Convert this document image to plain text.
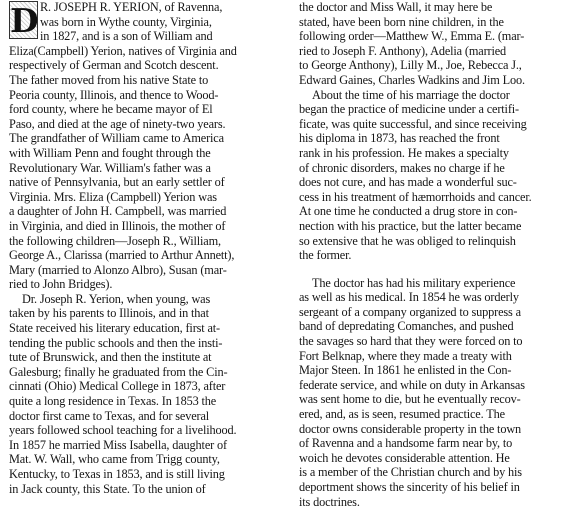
D R. JOSEPH R. YERION, of Ravenna,
was born in Wythe county, Virginia,
in 1827, and is a son of William and
Eliza(Campbell) Yerion, natives of Virginia and
respectively of German and Scotch descent.
The father moved from his native State to
Peoria county, Illinois, and thence to Wood-
ford county, where he became mayor of El
Paso, and died at the age of ninety-two years.
The grandfather of William came to America
with William Penn and fought through the
Revolutionary War. William's father was a
native of Pennsylvania, but an early settler of
Virginia. Mrs. Eliza (Campbell) Yerion was
a daughter of John H. Campbell, was married
in Virginia, and died in Illinois, the mother of
the following children—Joseph R., William,
George A., Clarissa (married to Arthur Annett),
Mary (married to Alonzo Albro), Susan (mar-
ried to John Bridges).
Dr. Joseph R. Yerion, when young, was
taken by his parents to Illinois, and in that
State received his literary education, first at-
tending the public schools and then the insti-
tute of Brunswick, and then the institute at
Galesburg; finally he graduated from the Cin-
cinnati (Ohio) Medical College in 1873, after
quite a long residence in Texas. In 1853 the
doctor first came to Texas, and for several
years followed school teaching for a livelihood.
In 1857 he married Miss Isabella, daughter of
Mat. W. Wall, who came from Trigg county,
Kentucky, to Texas in 1853, and is still living
in Jack county, this State. To the union of
the doctor and Miss Wall, it may here be
stated, have been born nine children, in the
following order—Matthew W., Emma E. (mar-
ried to Joseph F. Anthony), Adelia (married
to George Anthony), Lilly M., Joe, Rebecca J.,
Edward Gaines, Charles Wadkins and Jim Loo.
About the time of his marriage the doctor
began the practice of medicine under a certifi-
ficate, was quite successful, and since receiving
his diploma in 1873, has reached the front
rank in his profession. He makes a specialty
of chronic disorders, makes no charge if he
does not cure, and has made a wonderful suc-
cess in his treatment of hæmorrhoids and cancer.
At one time he conducted a drug store in con-
nection with his practice, but the latter became
so extensive that he was obliged to relinquish
the former.
The doctor has had his military experience
as well as his medical. In 1854 he was orderly
sergeant of a company organized to suppress a
band of depredating Comanches, and pushed
the savages so hard that they were forced on to
Fort Belknap, where they made a treaty with
Major Steen. In 1861 he enlisted in the Con-
federate service, and while on duty in Arkansas
was sent home to die, but he eventually recov-
ered, and, as is seen, resumed practice. The
doctor owns considerable property in the town
of Ravenna and a handsome farm near by, to
woich he devotes considerable attention. He
is a member of the Christian church and by his
deportment shows the sincerity of his belief in
its doctrines.
